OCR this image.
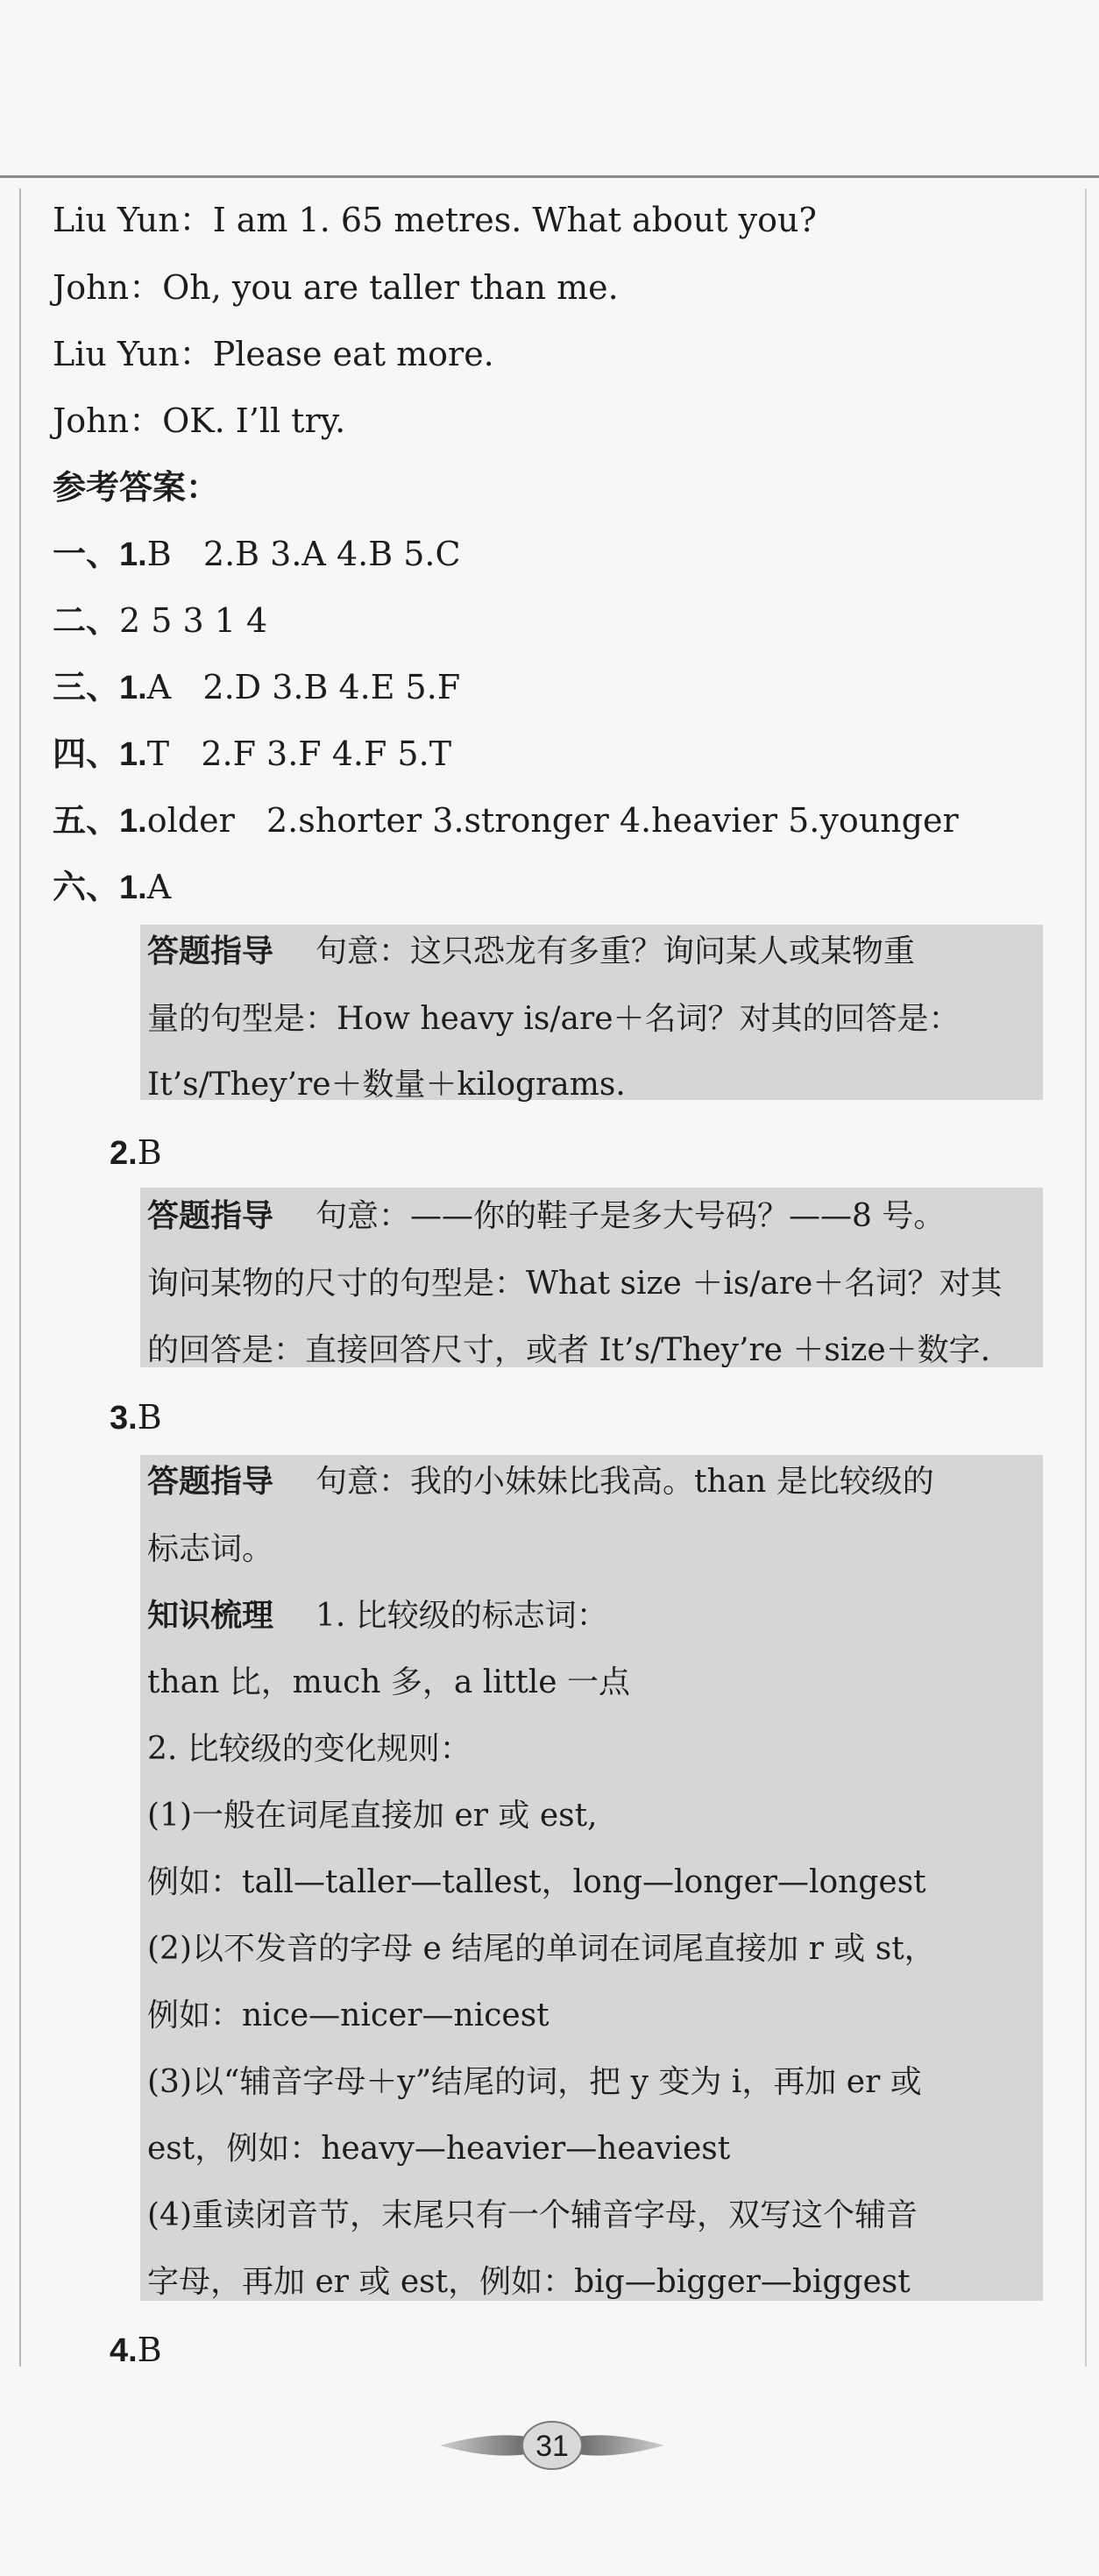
Liu Yun：I am 1. 65 metres. What about you?
John：Oh, you are taller than me.
Liu Yun：Please eat more.
John：OK. I’ll try.
参考答案：
一、1.B 2.B 3.A 4.B 5.C
二、2 5 3 1 4
三、1.A 2.D 3.B 4.E 5.F
四、1.T 2.F 3.F 4.F 5.T
五、1.older 2.shorter 3.stronger 4.heavier 5.younger
六、1.A
答题指导 句意：这只恐龙有多重？询问某人或某物重
量的句型是：How heavy is/are＋名词？对其的回答是：
It’s/They’re＋数量＋kilograms.
2.B
答题指导 句意：——你的鞋子是多大号码？——8 号。
询问某物的尺寸的句型是：What size ＋is/are＋名词？对其
的回答是：直接回答尺寸，或者 It’s/They’re ＋size＋数字.
3.B
答题指导 句意：我的小妹妹比我高。than 是比较级的
标志词。
知识梳理 1. 比较级的标志词：
than 比，much 多，a little 一点
2. 比较级的变化规则：
(1)一般在词尾直接加 er 或 est,
例如：tall—taller—tallest，long—longer—longest
(2)以不发音的字母 e 结尾的单词在词尾直接加 r 或 st，
例如：nice—nicer—nicest
(3)以“辅音字母＋y”结尾的词，把 y 变为 i，再加 er 或
est，例如：heavy—heavier—heaviest
(4)重读闭音节，末尾只有一个辅音字母，双写这个辅音
字母，再加 er 或 est，例如：big—bigger—biggest
4.B
31
